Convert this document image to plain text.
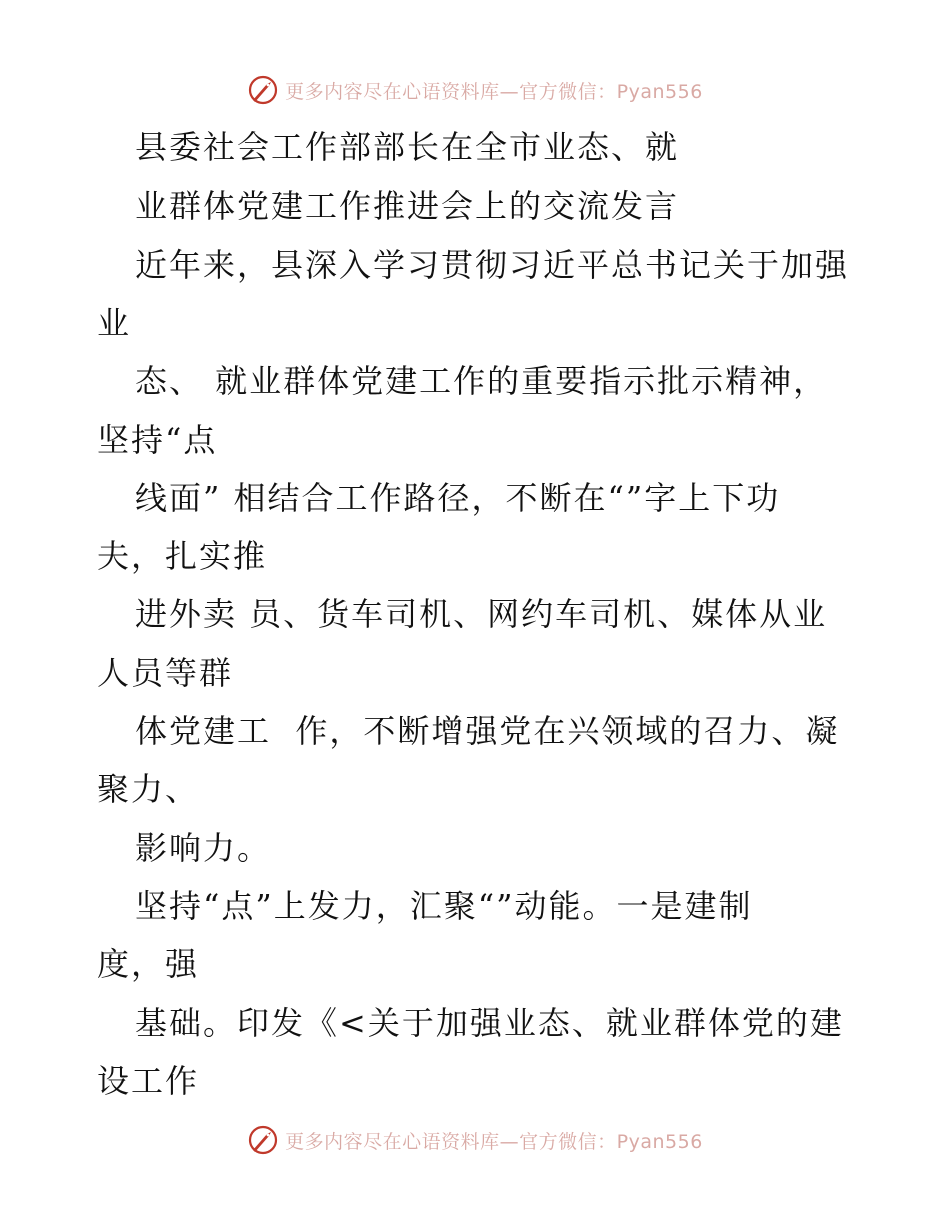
更多内容尽在心语资料库—官方微信：Pyan556
县委社会工作部部长在全市业态、就
业群体党建工作推进会上的交流发言
近年来，县深入学习贯彻习近平总书记关于加强
业
态、 就业群体党建工作的重要指示批示精神，
坚持“点
线面” 相结合工作路径，不断在“”字上下功
夫，扎实推
进外卖 员、货车司机、网约车司机、媒体从业
人员等群
体党建工  作，不断增强党在兴领域的召力、凝
聚力、
影响力。
坚持“点”上发力，汇聚“”动能。一是建制
度，强
基础。印发《<关于加强业态、就业群体党的建
设工作
更多内容尽在心语资料库—官方微信：Pyan556
